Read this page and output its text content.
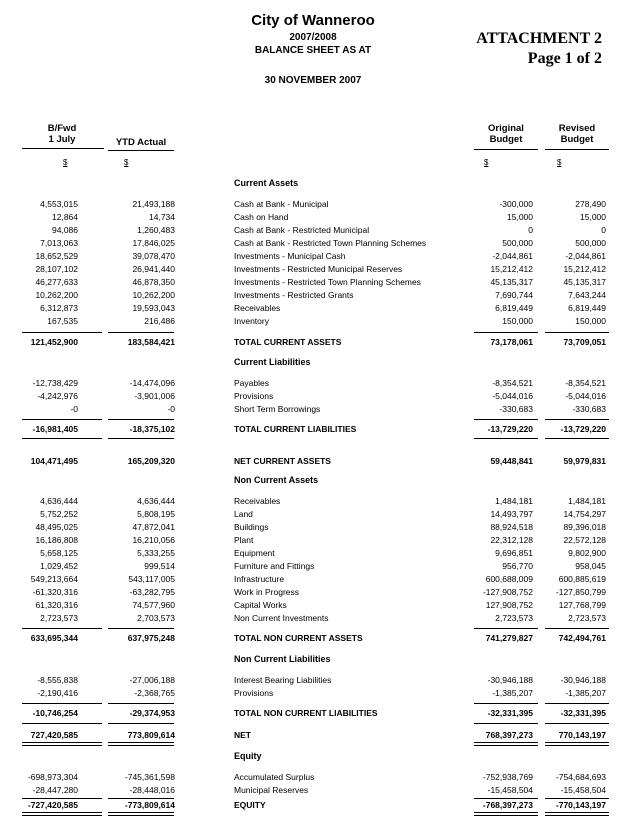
City of Wanneroo
2007/2008
BALANCE SHEET AS AT
30 NOVEMBER 2007
ATTACHMENT 2
Page 1 of 2
B/Fwd
1 July	YTD Actual
Original
Budget
Revised
Budget
$	$	$	$
Current Assets
4,553,015	21,493,188	Cash at Bank - Municipal	-300,000	278,490
12,864	14,734	Cash on Hand	15,000	15,000
94,086	1,260,483	Cash at Bank - Restricted Municipal	0	0
7,013,063	17,846,025	Cash at Bank - Restricted Town Planning Schemes	500,000	500,000
18,652,529	39,078,470	Investments - Municipal Cash	-2,044,861	-2,044,861
28,107,102	26,941,440	Investments - Restricted Municipal Reserves	15,212,412	15,212,412
46,277,633	46,878,350	Investments - Restricted Town Planning Schemes	45,135,317	45,135,317
10,262,200	10,262,200	Investments - Restricted Grants	7,690,744	7,643,244
6,312,873	19,593,043	Receivables	6,819,449	6,819,449
167,535	216,486	Inventory	150,000	150,000
121,452,900	183,584,421	TOTAL CURRENT ASSETS	73,178,061	73,709,051
Current Liabilities
-12,738,429	-14,474,096	Payables	-8,354,521	-8,354,521
-4,242,976	-3,901,006	Provisions	-5,044,016	-5,044,016
-0	-0	Short Term Borrowings	-330,683	-330,683
-16,981,405	-18,375,102	TOTAL CURRENT LIABILITIES	-13,729,220	-13,729,220
104,471,495	165,209,320	NET CURRENT ASSETS	59,448,841	59,979,831
Non Current Assets
4,636,444	4,636,444	Receivables	1,484,181	1,484,181
5,752,252	5,808,195	Land	14,493,797	14,754,297
48,495,025	47,872,041	Buildings	88,924,518	89,396,018
16,186,808	16,210,056	Plant	22,312,128	22,572,128
5,658,125	5,333,255	Equipment	9,696,851	9,802,900
1,029,452	999,514	Furniture and Fittings	956,770	958,045
549,213,664	543,117,005	Infrastructure	600,688,009	600,885,619
-61,320,316	-63,282,795	Work in Progress	-127,908,752	-127,850,799
61,320,316	74,577,960	Capital Works	127,908,752	127,768,799
2,723,573	2,703,573	Non Current Investments	2,723,573	2,723,573
633,695,344	637,975,248	TOTAL NON CURRENT ASSETS	741,279,827	742,494,761
Non Current Liabilities
-8,555,838	-27,006,188	Interest Bearing Liabilities	-30,946,188	-30,946,188
-2,190,416	-2,368,765	Provisions	-1,385,207	-1,385,207
-10,746,254	-29,374,953	TOTAL NON CURRENT LIABILITIES	-32,331,395	-32,331,395
727,420,585	773,809,614	NET	768,397,273	770,143,197
Equity
-698,973,304	-745,361,598	Accumulated Surplus	-752,938,769	-754,684,693
-28,447,280	-28,448,016	Municipal Reserves	-15,458,504	-15,458,504
-727,420,585	-773,809,614	EQUITY	-768,397,273	-770,143,197
